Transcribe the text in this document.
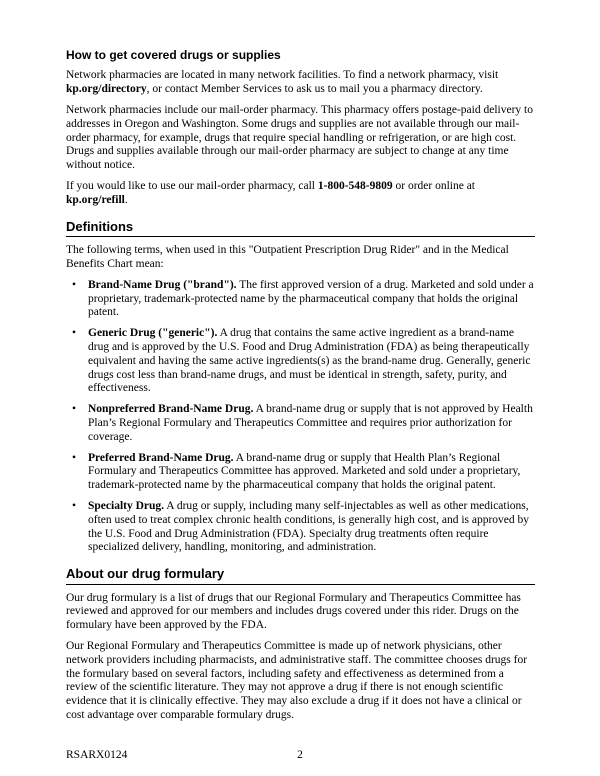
How to get covered drugs or supplies

Network pharmacies are located in many network facilities. To find a network pharmacy, visit kp.org/directory, or contact Member Services to ask us to mail you a pharmacy directory.

Network pharmacies include our mail-order pharmacy. This pharmacy offers postage-paid delivery to addresses in Oregon and Washington. Some drugs and supplies are not available through our mail-order pharmacy, for example, drugs that require special handling or refrigeration, or are high cost. Drugs and supplies available through our mail-order pharmacy are subject to change at any time without notice.

If you would like to use our mail-order pharmacy, call 1-800-548-9809 or order online at kp.org/refill.

Definitions

The following terms, when used in this "Outpatient Prescription Drug Rider" and in the Medical Benefits Chart mean:

• Brand-Name Drug ("brand"). The first approved version of a drug. Marketed and sold under a proprietary, trademark-protected name by the pharmaceutical company that holds the original patent.
• Generic Drug ("generic"). A drug that contains the same active ingredient as a brand-name drug and is approved by the U.S. Food and Drug Administration (FDA) as being therapeutically equivalent and having the same active ingredients(s) as the brand-name drug. Generally, generic drugs cost less than brand-name drugs, and must be identical in strength, safety, purity, and effectiveness.
• Nonpreferred Brand-Name Drug. A brand-name drug or supply that is not approved by Health Plan’s Regional Formulary and Therapeutics Committee and requires prior authorization for coverage.
• Preferred Brand-Name Drug. A brand-name drug or supply that Health Plan’s Regional Formulary and Therapeutics Committee has approved. Marketed and sold under a proprietary, trademark-protected name by the pharmaceutical company that holds the original patent.
• Specialty Drug. A drug or supply, including many self-injectables as well as other medications, often used to treat complex chronic health conditions, is generally high cost, and is approved by the U.S. Food and Drug Administration (FDA). Specialty drug treatments often require specialized delivery, handling, monitoring, and administration.
About our drug formulary

Our drug formulary is a list of drugs that our Regional Formulary and Therapeutics Committee has reviewed and approved for our members and includes drugs covered under this rider. Drugs on the formulary have been approved by the FDA.

Our Regional Formulary and Therapeutics Committee is made up of network physicians, other network providers including pharmacists, and administrative staff. The committee chooses drugs for the formulary based on several factors, including safety and effectiveness as determined from a review of the scientific literature. They may not approve a drug if there is not enough scientific evidence that it is clinically effective. They may also exclude a drug if it does not have a clinical or cost advantage over comparable formulary drugs.

RSARX0124	2
